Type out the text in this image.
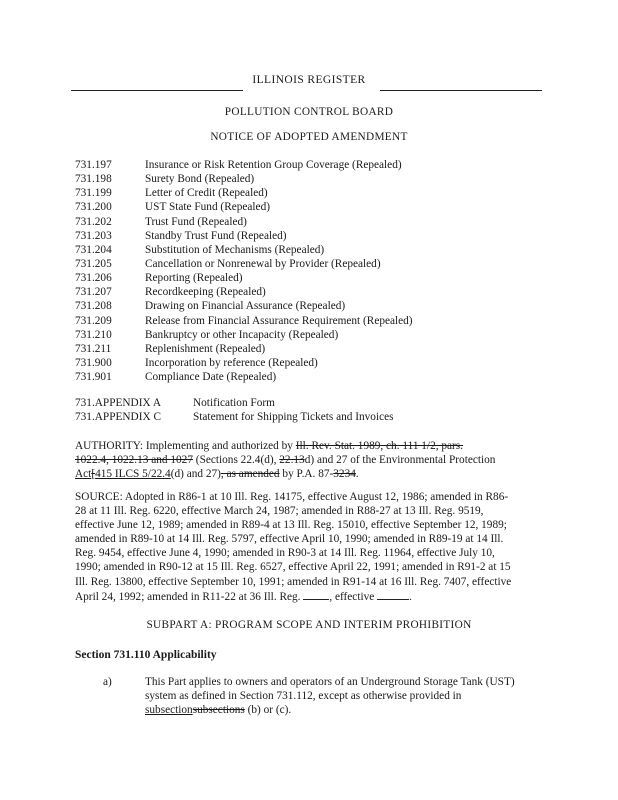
ILLINOIS REGISTER
POLLUTION CONTROL BOARD
NOTICE OF ADOPTED AMENDMENT
731.197	Insurance or Risk Retention Group Coverage (Repealed)
731.198	Surety Bond (Repealed)
731.199	Letter of Credit (Repealed)
731.200	UST State Fund (Repealed)
731.202	Trust Fund (Repealed)
731.203	Standby Trust Fund (Repealed)
731.204	Substitution of Mechanisms (Repealed)
731.205	Cancellation or Nonrenewal by Provider (Repealed)
731.206	Reporting (Repealed)
731.207	Recordkeeping (Repealed)
731.208	Drawing on Financial Assurance (Repealed)
731.209	Release from Financial Assurance Requirement (Repealed)
731.210	Bankruptcy or other Incapacity (Repealed)
731.211	Replenishment (Repealed)
731.900	Incorporation by reference (Repealed)
731.901	Compliance Date (Repealed)
731.APPENDIX A	Notification Form
731.APPENDIX C	Statement for Shipping Tickets and Invoices
AUTHORITY: Implementing and authorized by Ill. Rev. Stat. 1989, ch. 111 1/2, pars.
1022.4, 1022.13 and 1027 (Sections 22.4(d), 22.13d) and 27 of the Environmental Protection
Act[415 ILCS 5/22.4(d) and 27), as amended by P.A. 87-3234.
SOURCE: Adopted in R86-1 at 10 Ill. Reg. 14175, effective August 12, 1986; amended in R86-
28 at 11 Ill. Reg. 6220, effective March 24, 1987; amended in R88-27 at 13 Ill. Reg. 9519,
effective June 12, 1989; amended in R89-4 at 13 Ill. Reg. 15010, effective September 12, 1989;
amended in R89-10 at 14 Ill. Reg. 5797, effective April 10, 1990; amended in R89-19 at 14 Ill.
Reg. 9454, effective June 4, 1990; amended in R90-3 at 14 Ill. Reg. 11964, effective July 10,
1990; amended in R90-12 at 15 Ill. Reg. 6527, effective April 22, 1991; amended in R91-2 at 15
Ill. Reg. 13800, effective September 10, 1991; amended in R91-14 at 16 Ill. Reg. 7407, effective
April 24, 1992; amended in R11-22 at 36 Ill. Reg. , effective	.
SUBPART A: PROGRAM SCOPE AND INTERIM PROHIBITION
Section 731.110 Applicability
a)	This Part applies to owners and operators of an Underground Storage Tank (UST)
system as defined in Section 731.112, except as otherwise provided in
subsectionsubsections (b) or (c).
